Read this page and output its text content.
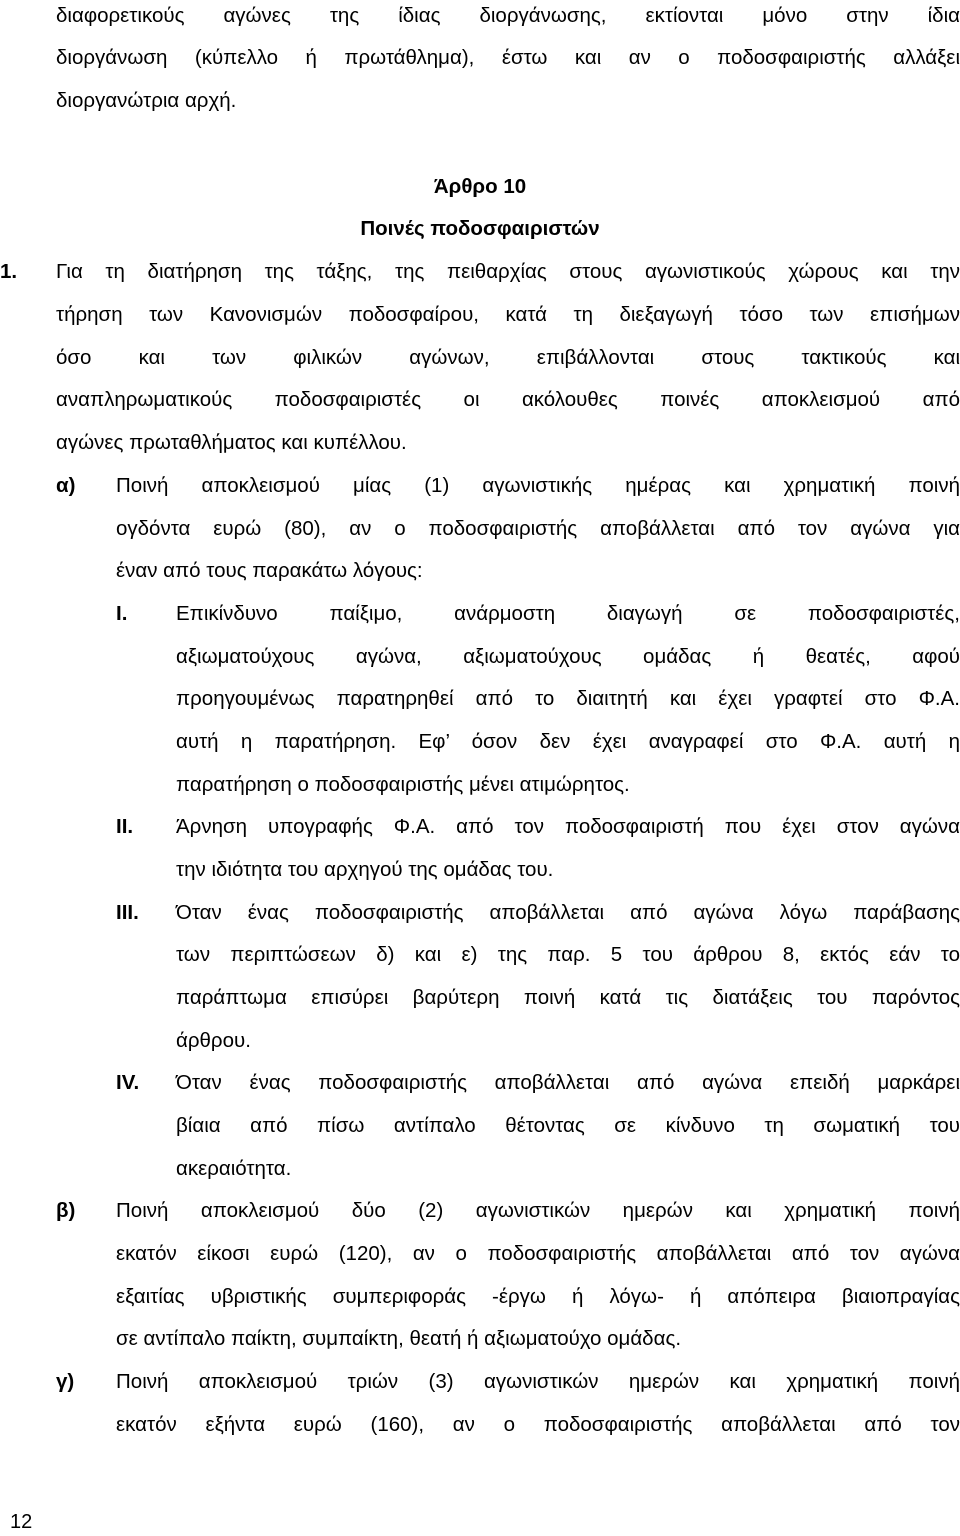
διαφορετικούς αγώνες της ίδιας διοργάνωσης, εκτίονται μόνο στην ίδια
διοργάνωση (κύπελλο ή πρωτάθλημα), έστω και αν ο ποδοσφαιριστής αλλάξει
διοργανώτρια αρχή.
Άρθρο 10
Ποινές ποδοσφαιριστών
1. Για τη διατήρηση της τάξης, της πειθαρχίας στους αγωνιστικούς χώρους και την
τήρηση των Κανονισμών ποδοσφαίρου, κατά τη διεξαγωγή τόσο των επισήμων
όσο και των φιλικών αγώνων, επιβάλλονται στους τακτικούς και
αναπληρωματικούς ποδοσφαιριστές οι ακόλουθες ποινές αποκλεισμού από
αγώνες πρωταθλήματος και κυπέλλου.
α) Ποινή αποκλεισμού μίας (1) αγωνιστικής ημέρας και χρηματική ποινή
ογδόντα ευρώ (80), αν ο ποδοσφαιριστής αποβάλλεται από τον αγώνα για
έναν από τους παρακάτω λόγους:
I. Επικίνδυνο παίξιμο, ανάρμοστη διαγωγή σε ποδοσφαιριστές,
αξιωματούχους αγώνα, αξιωματούχους ομάδας ή θεατές, αφού
προηγουμένως παρατηρηθεί από το διαιτητή και έχει γραφτεί στο Φ.Α.
αυτή η παρατήρηση. Εφ’ όσον δεν έχει αναγραφεί στο Φ.Α. αυτή η
παρατήρηση ο ποδοσφαιριστής μένει ατιμώρητος.
II. Άρνηση υπογραφής Φ.Α. από τον ποδοσφαιριστή που έχει στον αγώνα
την ιδιότητα του αρχηγού της ομάδας του.
III. Όταν ένας ποδοσφαιριστής αποβάλλεται από αγώνα λόγω παράβασης
των περιπτώσεων δ) και ε) της παρ. 5 του άρθρου 8, εκτός εάν το
παράπτωμα επισύρει βαρύτερη ποινή κατά τις διατάξεις του παρόντος
άρθρου.
IV. Όταν ένας ποδοσφαιριστής αποβάλλεται από αγώνα επειδή μαρκάρει
βίαια από πίσω αντίπαλο θέτοντας σε κίνδυνο τη σωματική του
ακεραιότητα.
β) Ποινή αποκλεισμού δύο (2) αγωνιστικών ημερών και χρηματική ποινή
εκατόν είκοσι ευρώ (120), αν ο ποδοσφαιριστής αποβάλλεται από τον αγώνα
εξαιτίας υβριστικής συμπεριφοράς -έργω ή λόγω- ή απόπειρα βιαιοπραγίας
σε αντίπαλο παίκτη, συμπαίκτη, θεατή ή αξιωματούχο ομάδας.
γ) Ποινή αποκλεισμού τριών (3) αγωνιστικών ημερών και χρηματική ποινή
εκατόν εξήντα ευρώ (160), αν ο ποδοσφαιριστής αποβάλλεται από τον
12
